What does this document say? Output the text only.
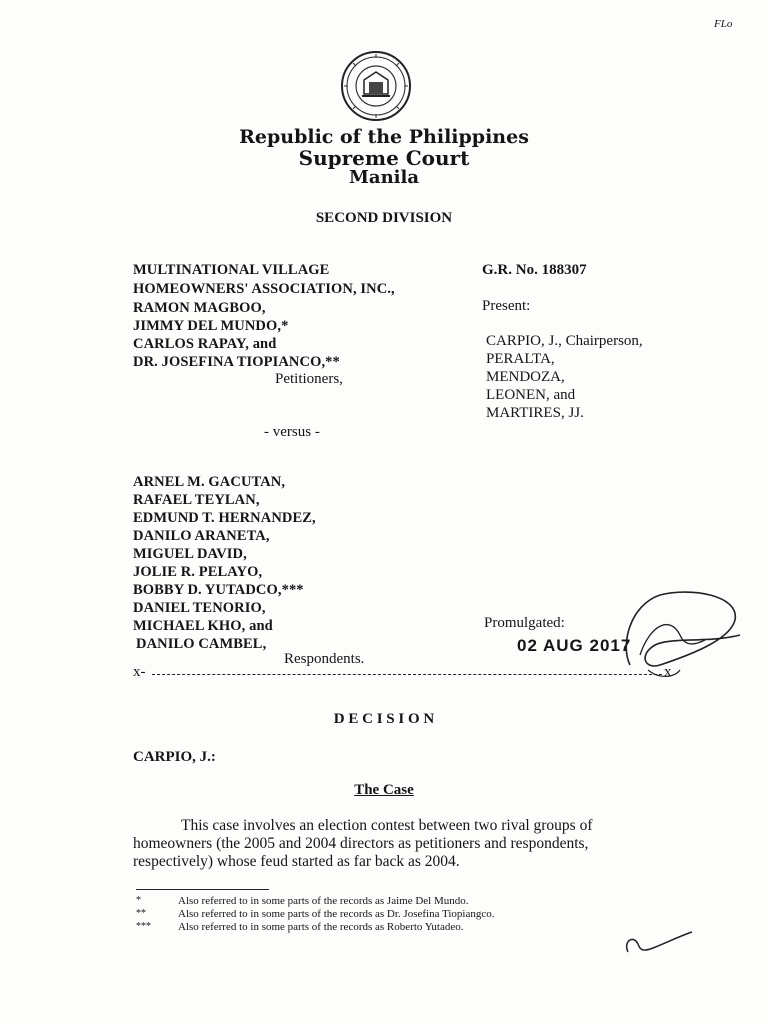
FLo
Republic of the Philippines
Supreme Court
Manila
SECOND DIVISION
MULTINATIONAL VILLAGE
HOMEOWNERS' ASSOCIATION, INC.,
RAMON MAGBOO,
JIMMY DEL MUNDO,*
CARLOS RAPAY, and
DR. JOSEFINA TIOPIANCO,**
Petitioners,
G.R. No. 188307
Present:
CARPIO, J., Chairperson,
PERALTA,
MENDOZA,
LEONEN, and
MARTIRES, JJ.
- versus -
ARNEL M. GACUTAN,
RAFAEL TEYLAN,
EDMUND T. HERNANDEZ,
DANILO ARANETA,
MIGUEL DAVID,
JOLIE R. PELAYO,
BOBBY D. YUTADCO,***
DANIEL TENORIO,
MICHAEL KHO, and
DANILO CAMBEL,
Respondents.
Promulgated:
02 AUG 2017
x-	x
D E C I S I O N
CARPIO, J.:
The Case
This case involves an election contest between two rival groups of
homeowners (the 2005 and 2004 directors as petitioners and respondents,
respectively) whose feud started as far back as 2004.
*	Also referred to in some parts of the records as Jaime Del Mundo.
**	Also referred to in some parts of the records as Dr. Josefina Tiopiangco.
*** Also referred to in some parts of the records as Roberto Yutadeo.
